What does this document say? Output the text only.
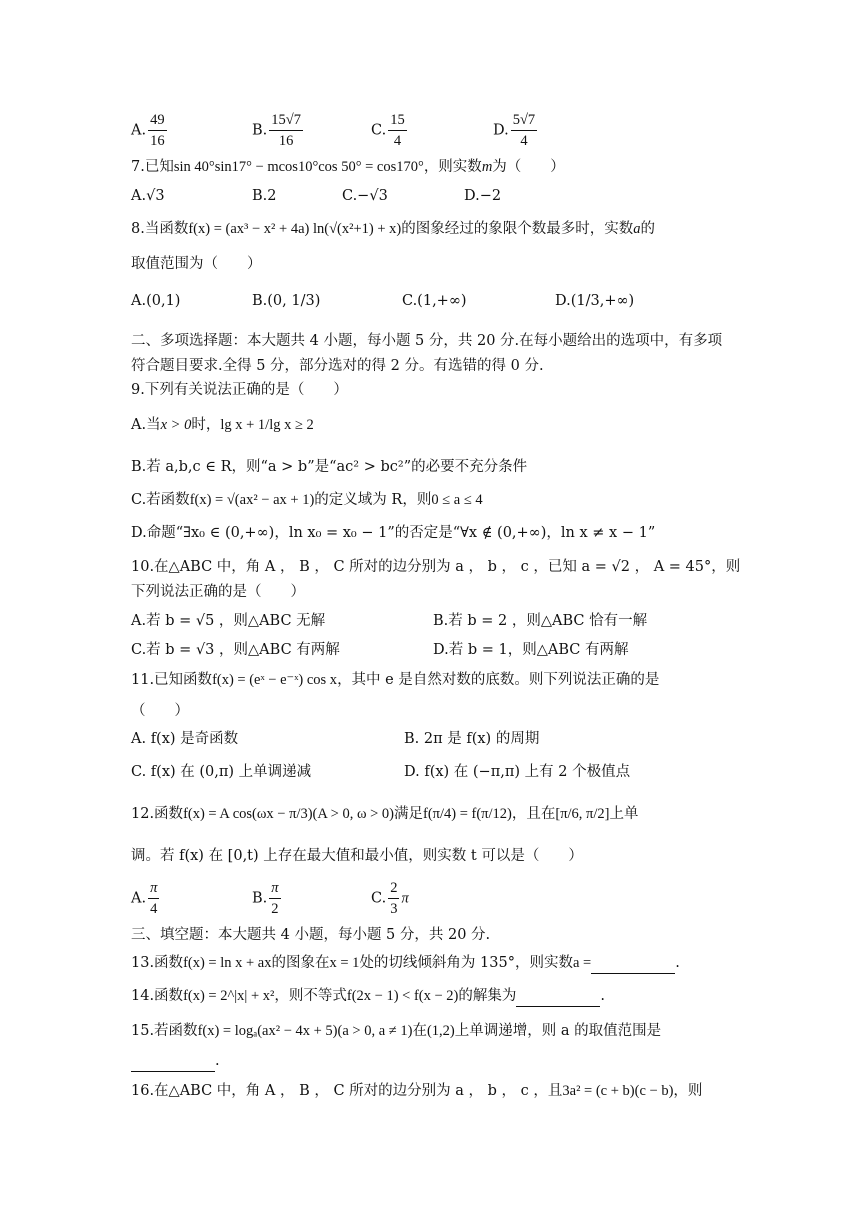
A. $\frac{49}{16}$	B. $\frac{15√7}{16}$	C. $\frac{15}{4}$	D. $\frac{5√7}{4}$
7.已知sin 40°sin17° − mcos10°cos 50° = cos170°，则实数m为（　　）
A.√3	B.2	C.−√3	D.−2
8.当函数f(x) = (ax³ − x² + 4a) ln(√(x²+1) + x)的图象经过的象限个数最多时，实数a的
取值范围为（　　）
A.(0,1)	B.(0, 1/3)	C.(1,+∞)	D.(1/3,+∞)
二、多项选择题：本大题共 4 小题，每小题 5 分，共 20 分.在每小题给出的选项中，有多项
符合题目要求.全得 5 分，部分选对的得 2 分。有选错的得 0 分.
9.下列有关说法正确的是（　　）
A.当x > 0时，lg x + 1/lg x ≥ 2
B.若 a,b,c ∈ R，则“a > b”是“ac² > bc²”的必要不充分条件
C.若函数f(x) = √(ax² − ax + 1)的定义域为 R，则0 ≤ a ≤ 4
D.命题“∃x₀ ∈ (0,+∞)，ln x₀ = x₀ − 1”的否定是“∀x ∉ (0,+∞)，ln x ≠ x − 1”
10.在△ABC 中，角 A ， B ， C 所对的边分别为 a ， b ， c ，已知 a = √2 ， A = 45°，则
下列说法正确的是（　　）
A.若 b = √5 ，则△ABC 无解	B.若 b = 2 ，则△ABC 恰有一解
C.若 b = √3 ，则△ABC 有两解	D.若 b = 1，则△ABC 有两解
11.已知函数f(x) = (eˣ − e⁻ˣ) cos x，其中 e 是自然对数的底数。则下列说法正确的是
（　　）
A. f(x) 是奇函数	B. 2π 是 f(x) 的周期
C. f(x) 在 (0,π) 上单调递减	D. f(x) 在 (−π,π) 上有 2 个极值点
12.函数f(x) = A cos(ωx − π/3)(A > 0, ω > 0)满足f(π/4) = f(π/12)，且在[π/6, π/2]上单
调。若 f(x) 在 [0,t) 上存在最大值和最小值，则实数 t 可以是（　　）
A. $\frac{\pi}{4}$	B. $\frac{\pi}{2}$	C. $\frac{2}{3}$ π
三、填空题：本大题共 4 小题，每小题 5 分，共 20 分.
13.函数f(x) = ln x + ax的图象在x = 1处的切线倾斜角为 135°，则实数a =	.
14.函数f(x) = 2^|x| + x²，则不等式f(2x − 1) < f(x − 2)的解集为	.
15.若函数f(x) = logₐ(ax² − 4x + 5)(a > 0, a ≠ 1)在(1,2)上单调递增，则 a 的取值范围是
.
16.在△ABC 中，角 A ， B ， C 所对的边分别为 a ， b ， c ，且3a² = (c + b)(c − b)，则
